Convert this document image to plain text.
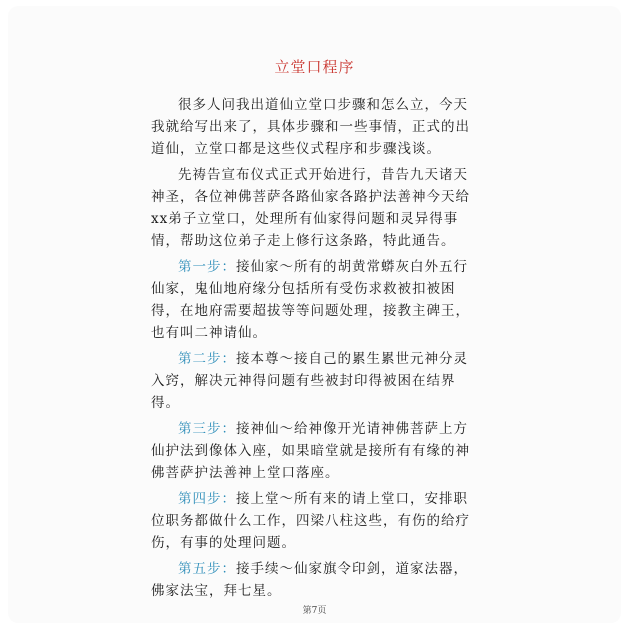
立堂口程序

很多人问我出道仙立堂口步骤和怎么立，今天我就给写出来了，具体步骤和一些事情，正式的出道仙，立堂口都是这些仪式程序和步骤浅谈。

先祷告宣布仪式正式开始进行，昔告九天诸天神圣，各位神佛菩萨各路仙家各路护法善神今天给xx弟子立堂口，处理所有仙家得问题和灵异得事情，帮助这位弟子走上修行这条路，特此通告。

第一步：接仙家～所有的胡黄常蟒灰白外五行仙家，鬼仙地府缘分包括所有受伤求救被扣被困得，在地府需要超拔等等问题处理，接教主碑王，也有叫二神请仙。

第二步：接本尊～接自己的累生累世元神分灵入窍，解决元神得问题有些被封印得被困在结界得。

第三步：接神仙～给神像开光请神佛菩萨上方仙护法到像体入座，如果暗堂就是接所有有缘的神佛菩萨护法善神上堂口落座。

第四步：接上堂～所有来的请上堂口，安排职位职务都做什么工作，四梁八柱这些，有伤的给疗伤，有事的处理问题。

第五步：接手续～仙家旗令印剑，道家法器，佛家法宝，拜七星。

第7页
